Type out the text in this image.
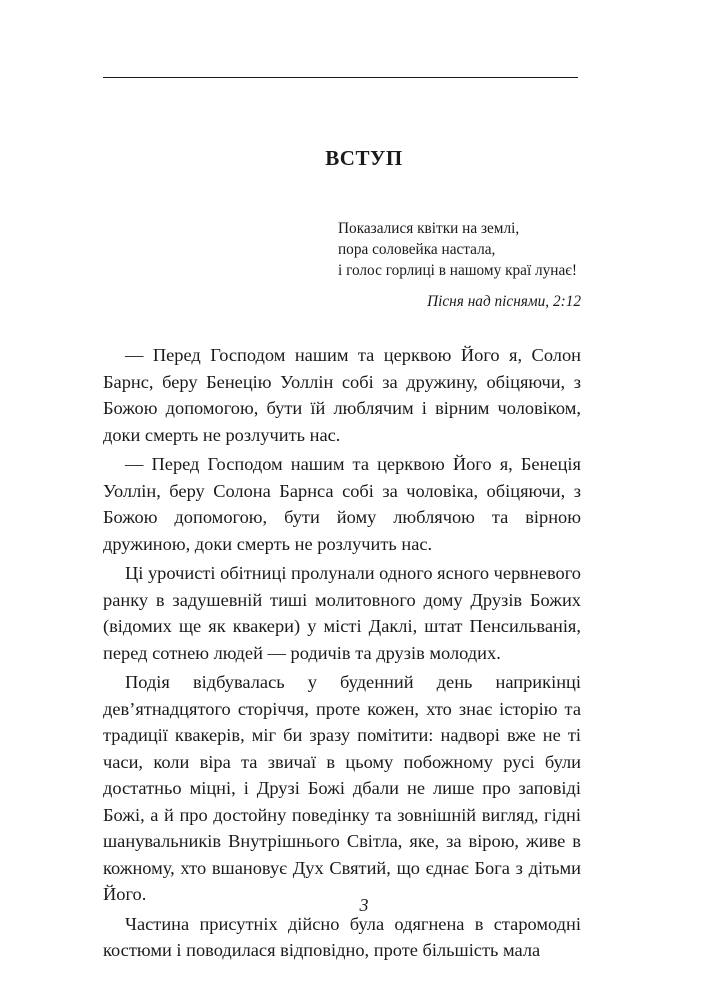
ВСТУП
Показалися квітки на землі,
пора соловейка настала,
і голос горлиці в нашому краї лунає!
Пісня над піснями, 2:12

— Перед Господом нашим та церквою Його я, Солон Барнс, беру Бенецію Уоллін собі за дружину, обіцяючи, з Божою допомогою, бути їй люблячим і вірним чоловіком, доки смерть не розлучить нас.

— Перед Господом нашим та церквою Його я, Бенеція Уоллін, беру Солона Барнса собі за чоловіка, обіцяючи, з Божою допомогою, бути йому люблячою та вірною дружиною, доки смерть не розлучить нас.

Ці урочисті обітниці пролунали одного ясного червневого ранку в задушевній тиші молитовного дому Друзів Божих (відомих ще як квакери) у місті Даклі, штат Пенсильванія, перед сотнею людей — родичів та друзів молодих.

Подія відбувалась у буденний день наприкінці дев’ятнадцятого сторіччя, проте кожен, хто знає історію та традиції квакерів, міг би зразу помітити: надворі вже не ті часи, коли віра та звичаї в цьому побожному русі були достатньо міцні, і Друзі Божі дбали не лише про заповіді Божі, а й про достойну поведінку та зовнішній вигляд, гідні шанувальників Внутрішнього Світла, яке, за вірою, живе в кожному, хто вшановує Дух Святий, що єднає Бога з дітьми Його.

Частина присутніх дійсно була одягнена в старомодні костюми і поводилася відповідно, проте більшість мала

3
